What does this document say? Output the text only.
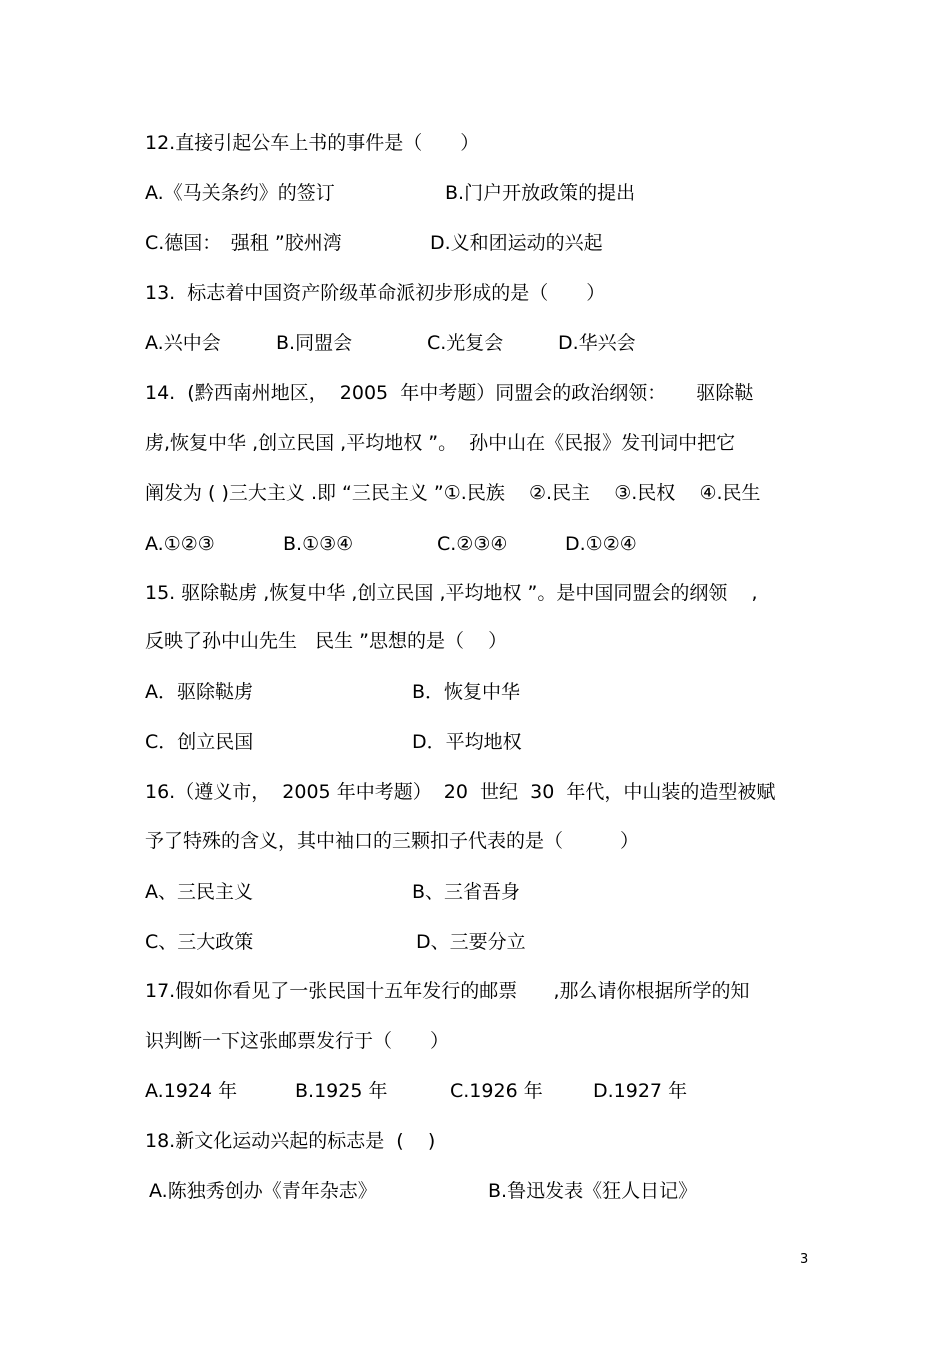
12.直接引起公车上书的事件是（　　）
A.《马关条约》的签订	B.门户开放政策的提出
C.德国：　强租 ”胶州湾	D.义和团运动的兴起
13.  标志着中国资产阶级革命派初步形成的是（　　）
A.兴中会	B.同盟会	C.光复会	D.华兴会
14.  (黔西南州地区，  2005  年中考题）同盟会的政治纲领：     驱除鞑
虏,恢复中华 ,创立民国 ,平均地权 ”。  孙中山在《民报》发刊词中把它
阐发为 ( )三大主义 .即 “三民主义 ”①.民族    ②.民主    ③.民权    ④.民生
A.①②③	B.①③④	C.②③④	D.①②④
15. 驱除鞑虏 ,恢复中华 ,创立民国 ,平均地权 ”。是中国同盟会的纲领    ,
反映了孙中山先生   民生 ”思想的是（    ）
A．驱除鞑虏	B．恢复中华
C．创立民国	D．平均地权
16.（遵义市，  2005 年中考题）  20  世纪  30  年代，中山装的造型被赋
予了特殊的含义，其中袖口的三颗扣子代表的是（　　　）
A、三民主义	B、三省吾身
C、三大政策	D、三要分立
17.假如你看见了一张民国十五年发行的邮票      ,那么请你根据所学的知
识判断一下这张邮票发行于（　　）
A.1924 年	B.1925 年	C.1926 年	D.1927 年
18.新文化运动兴起的标志是  (    )
A.陈独秀创办《青年杂志》	B.鲁迅发表《狂人日记》
3
